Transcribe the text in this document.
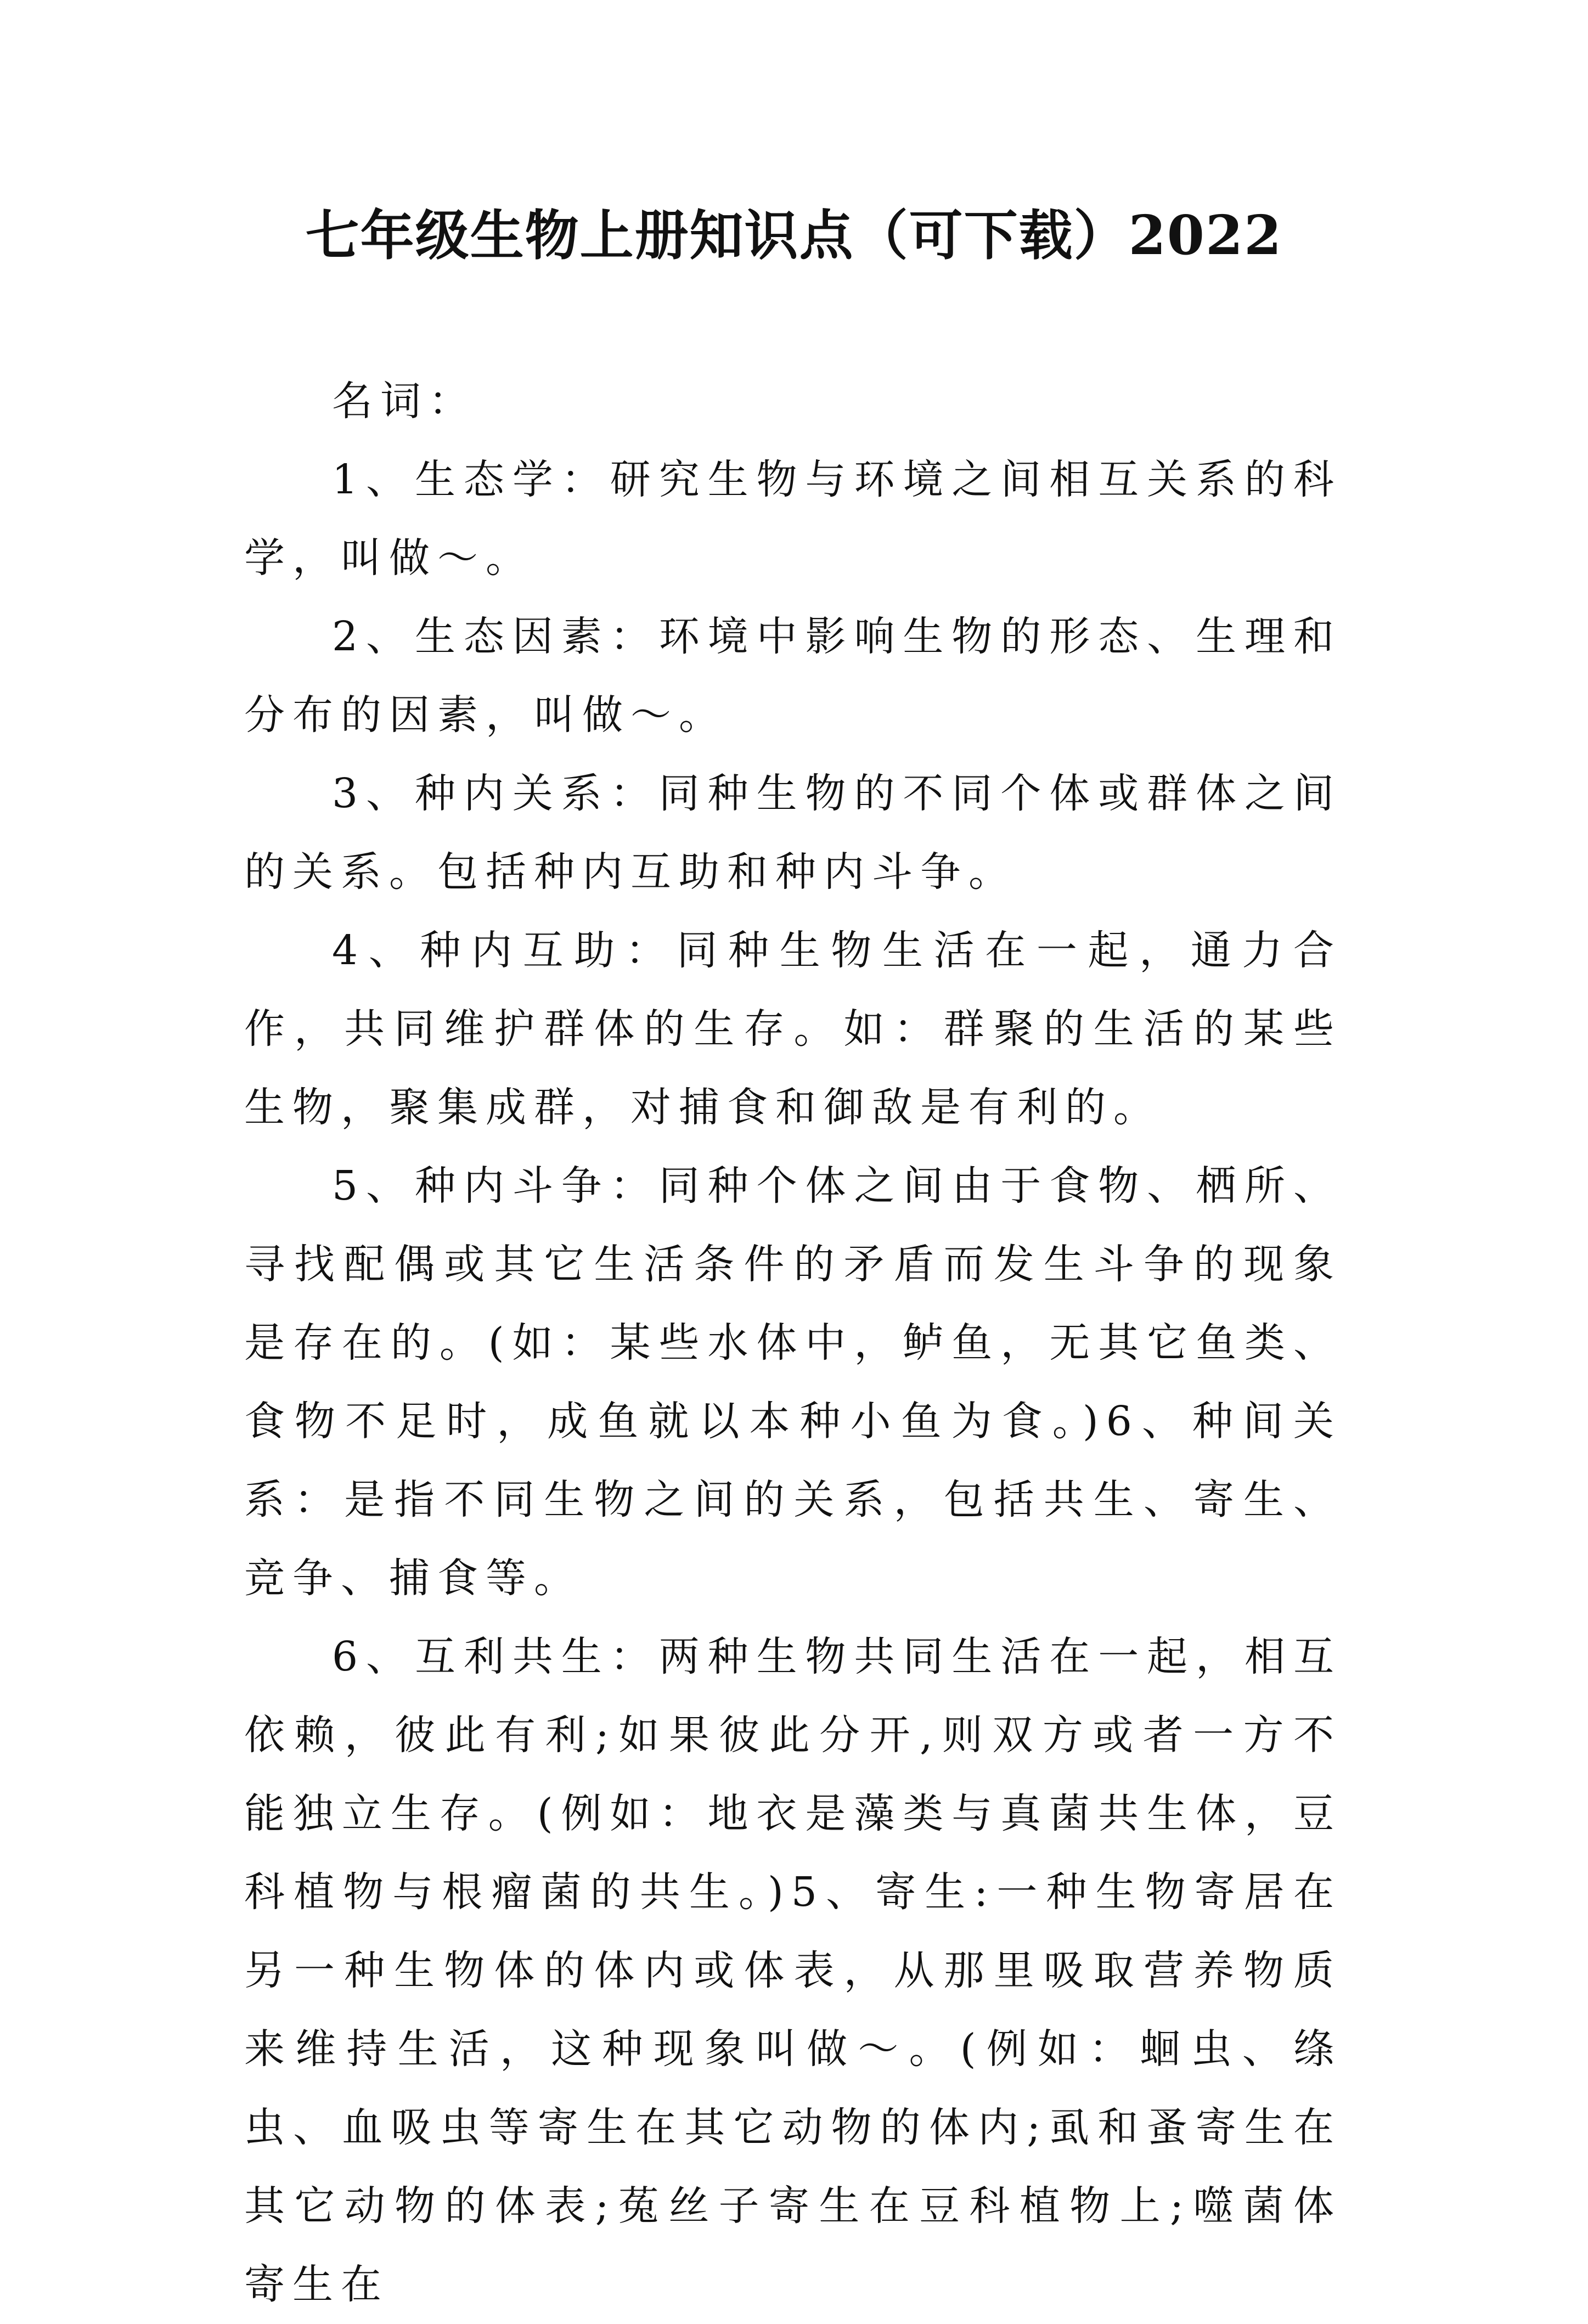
七年级生物上册知识点（可下载）2022

名词：

1、生态学：研究生物与环境之间相互关系的科学，叫做～。

2、生态因素：环境中影响生物的形态、生理和分布的因素，叫做～。

3、种内关系：同种生物的不同个体或群体之间的关系。包括种内互助和种内斗争。

4、种内互助：同种生物生活在一起，通力合作，共同维护群体的生存。如：群聚的生活的某些生物，聚集成群，对捕食和御敌是有利的。

5、种内斗争：同种个体之间由于食物、栖所、寻找配偶或其它生活条件的矛盾而发生斗争的现象是存在的。(如：某些水体中，鲈鱼，无其它鱼类、食物不足时，成鱼就以本种小鱼为食。)6、种间关系：是指不同生物之间的关系，包括共生、寄生、竞争、捕食等。

6、互利共生：两种生物共同生活在一起，相互依赖，彼此有利;如果彼此分开,则双方或者一方不能独立生存。(例如：地衣是藻类与真菌共生体，豆科植物与根瘤菌的共生。)5、寄生:一种生物寄居在另一种生物体的体内或体表，从那里吸取营养物质来维持生活，这种现象叫做～。(例如：蛔虫、绦虫、血吸虫等寄生在其它动物的体内;虱和蚤寄生在其它动物的体表;菟丝子寄生在豆科植物上;噬菌体寄生在
